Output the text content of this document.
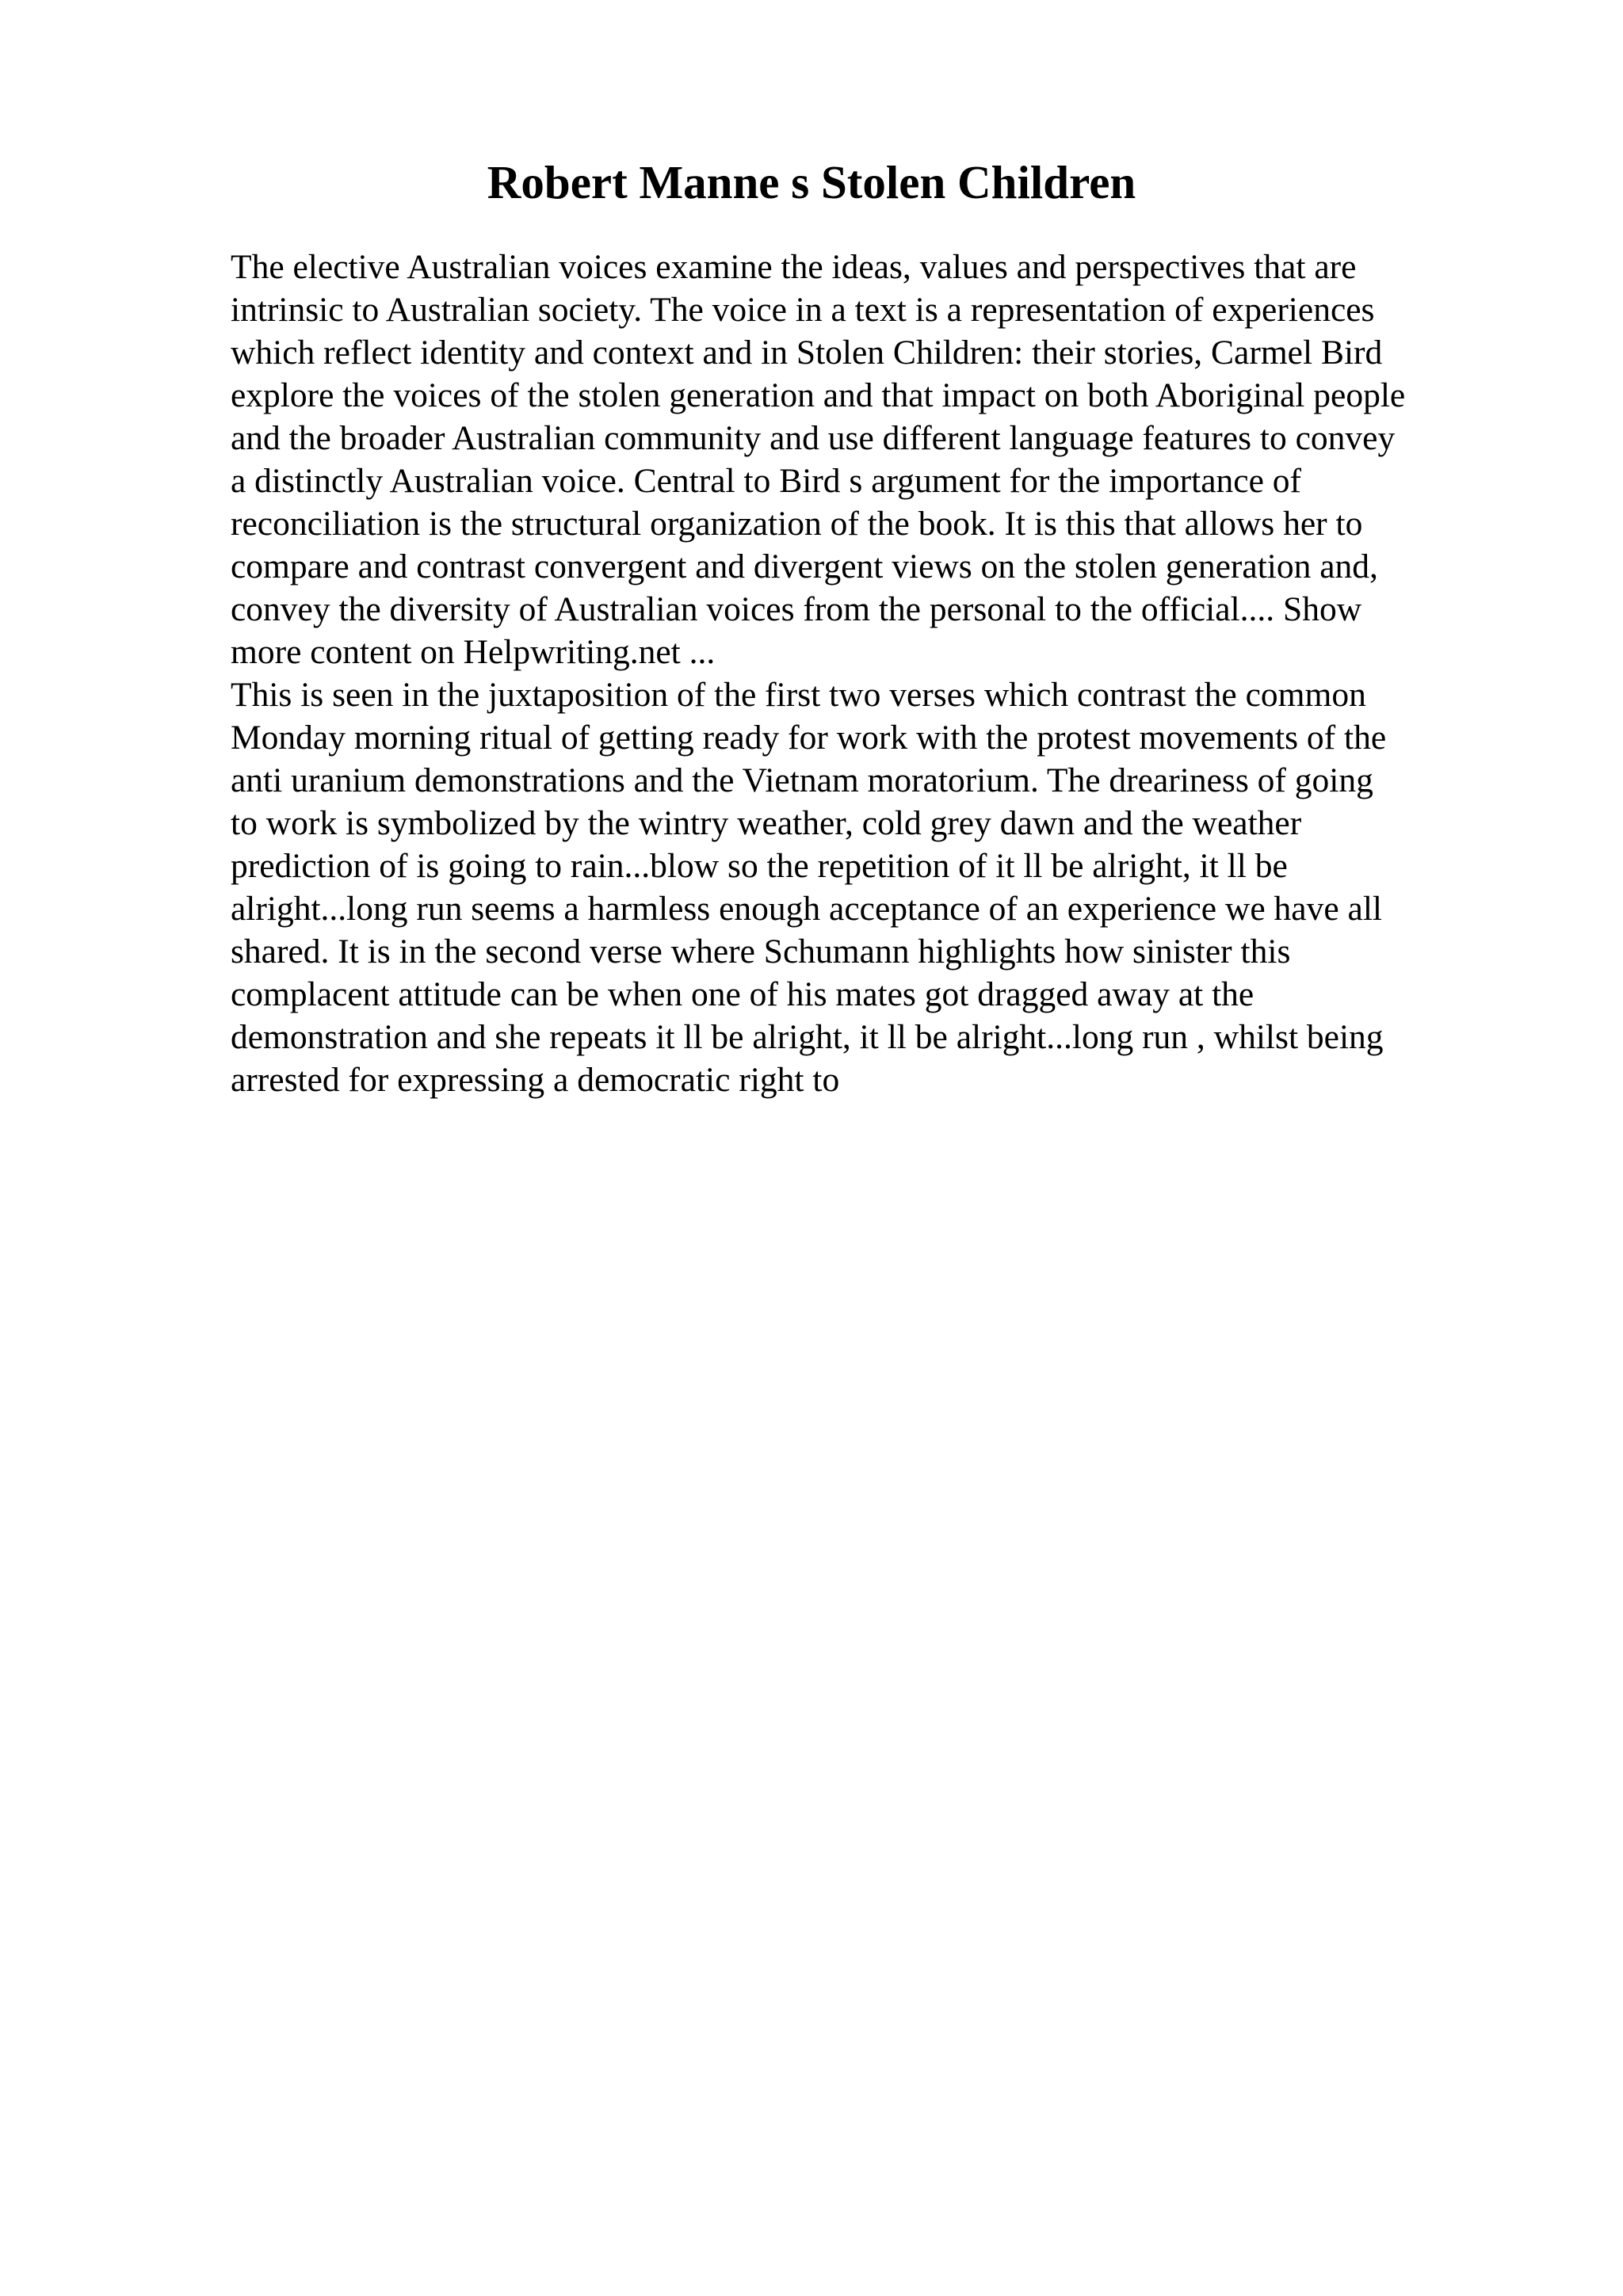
Robert Manne s Stolen Children

The elective Australian voices examine the ideas, values and perspectives that are
intrinsic to Australian society. The voice in a text is a representation of experiences
which reflect identity and context and in Stolen Children: their stories, Carmel Bird
explore the voices of the stolen generation and that impact on both Aboriginal people
and the broader Australian community and use different language features to convey
a distinctly Australian voice. Central to Bird s argument for the importance of
reconciliation is the structural organization of the book. It is this that allows her to
compare and contrast convergent and divergent views on the stolen generation and,
convey the diversity of Australian voices from the personal to the official.... Show
more content on Helpwriting.net ...

This is seen in the juxtaposition of the first two verses which contrast the common
Monday morning ritual of getting ready for work with the protest movements of the
anti uranium demonstrations and the Vietnam moratorium. The dreariness of going
to work is symbolized by the wintry weather, cold grey dawn and the weather
prediction of is going to rain...blow so the repetition of it ll be alright, it ll be
alright...long run seems a harmless enough acceptance of an experience we have all
shared. It is in the second verse where Schumann highlights how sinister this
complacent attitude can be when one of his mates got dragged away at the
demonstration and she repeats it ll be alright, it ll be alright...long run , whilst being
arrested for expressing a democratic right to
